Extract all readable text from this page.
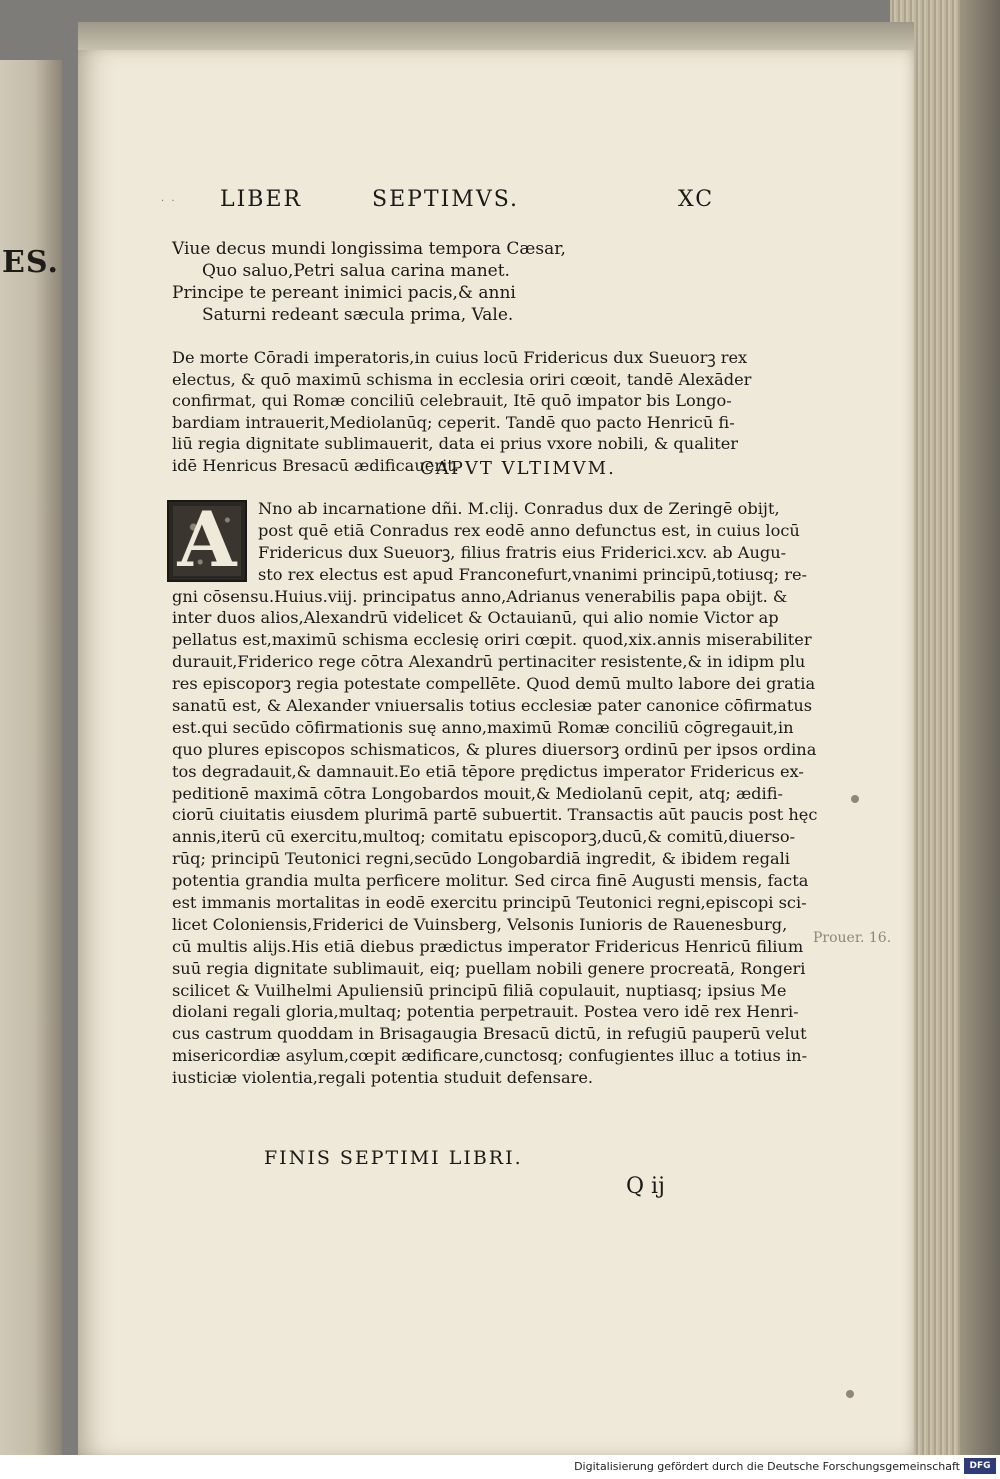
ES.
· ·	LIBER	SEPTIMVS.	XC
Viue decus mundi longissima tempora Cæsar,
Quo saluo,Petri salua carina manet.
Principe te pereant inimici pacis,& anni
Saturni redeant sæcula prima, Vale.
De morte Cōradi imperatoris,in cuius locū Fridericus dux Sueuorꝫ rex
electus, & quō maximū schisma in ecclesia oriri cœoit, tandē Alexāder
confirmat, qui Romæ conciliū celebrauit, Itē quō impator bis Longo-
bardiam intrauerit,Mediolanūq; ceperit. Tandē quo pacto Henricū fi-
liū regia dignitate sublimauerit, data ei prius vxore nobili, & qualiter
idē Henricus Bresacū ædificauerit.
CAPVT VLTIMVM.
A	Nno ab incarnatione dñi. M.clij. Conradus dux de Zeringē obijt,
post quē etiā Conradus rex eodē anno defunctus est, in cuius locū
Fridericus dux Sueuorꝫ, filius fratris eius Friderici.xcv. ab Augu-
sto rex electus est apud Franconefurt,vnanimi principū,totiusq; re-
gni cōsensu.Huius.viij. principatus anno,Adrianus venerabilis papa obijt. &
inter duos alios,Alexandrū videlicet & Octauianū, qui alio nomie Victor ap
pellatus est,maximū schisma ecclesię oriri cœpit. quod,xix.annis miserabiliter
durauit,Friderico rege cōtra Alexandrū pertinaciter resistente,& in idipm plu
res episcoporꝫ regia potestate compellēte. Quod demū multo labore dei gratia
sanatū est, & Alexander vniuersalis totius ecclesiæ pater canonice cōfirmatus
est.qui secūdo cōfirmationis suę anno,maximū Romæ conciliū cōgregauit,in
quo plures episcopos schismaticos, & plures diuersorꝫ ordinū per ipsos ordina
tos degradauit,& damnauit.Eo etiā tēpore prędictus imperator Fridericus ex-
peditionē maximā cōtra Longobardos mouit,& Mediolanū cepit, atq; ædifi-
ciorū ciuitatis eiusdem plurimā partē subuertit. Transactis aūt paucis post hęc
annis,iterū cū exercitu,multoq; comitatu episcoporꝫ,ducū,& comitū,diuerso-
rūq; principū Teutonici regni,secūdo Longobardiā ingredit, & ibidem regali
potentia grandia multa perficere molitur. Sed circa finē Augusti mensis, facta
est immanis mortalitas in eodē exercitu principū Teutonici regni,episcopi sci-
licet Coloniensis,Friderici de Vuinsberg, Velsonis Iunioris de Rauenesburg,
cū multis alijs.His etiā diebus prædictus imperator Fridericus Henricū filium
suū regia dignitate sublimauit, eiq; puellam nobili genere procreatā, Rongeri
scilicet & Vuilhelmi Apuliensiū principū filiā copulauit, nuptiasq; ipsius Me
diolani regali gloria,multaq; potentia perpetrauit. Postea vero idē rex Henri-
cus castrum quoddam in Brisagaugia Bresacū dictū, in refugiū pauperū velut
misericordiæ asylum,cœpit ædificare,cunctosq; confugientes illuc a totius in-
iusticiæ violentia,regali potentia studuit defensare.
FINIS SEPTIMI LIBRI.
Q ij
Prouer. 16.
Digitalisierung gefördert durch die Deutsche Forschungsgemeinschaft	DFG
